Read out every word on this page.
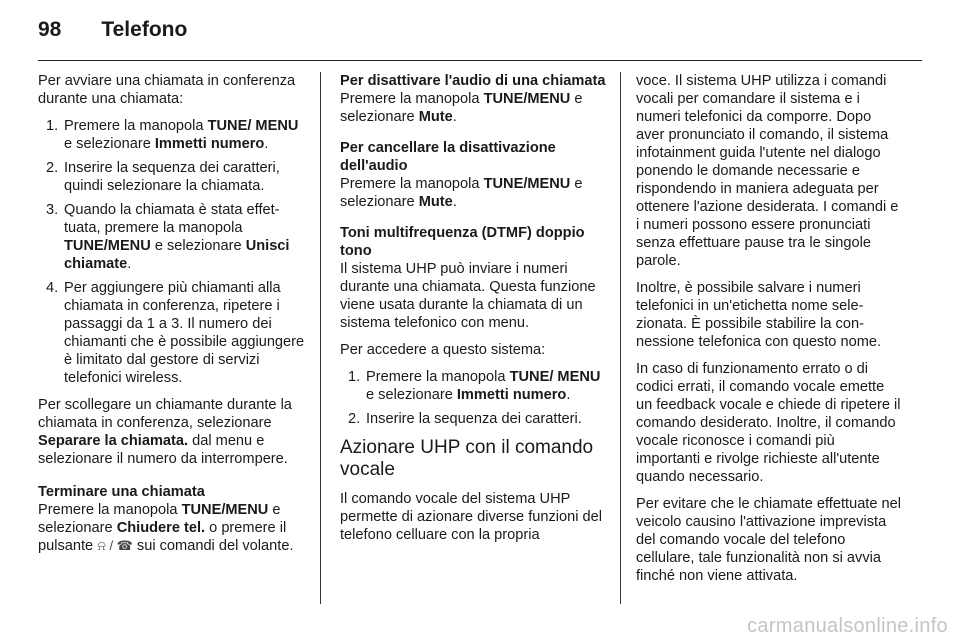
98 Telefono

Per avviare una chiamata in conferenza durante una chiamata:

1. Premere la manopola TUNE/ MENU e selezionare Immetti numero.
2. Inserire la sequenza dei caratteri, quindi selezionare la chiamata.
3. Quando la chiamata è stata effettuata, premere la manopola TUNE/MENU e selezionare Unisci chiamate.
4. Per aggiungere più chiamanti alla chiamata in conferenza, ripetere i passaggi da 1 a 3. Il numero dei chiamanti che è possibile aggiungere è limitato dal gestore di servizi telefonici wireless.

Per scollegare un chiamante durante la chiamata in conferenza, selezionare Separare la chiamata. dal menu e selezionare il numero da interrompere.

Terminare una chiamata

Premere la manopola TUNE/MENU e selezionare Chiudere tel. o premere il pulsante ⍾ / ☎ sui comandi del volante.

Per disattivare l'audio di una chiamata

Premere la manopola TUNE/MENU e selezionare Mute.

Per cancellare la disattivazione dell'audio

Premere la manopola TUNE/MENU e selezionare Mute.

Toni multifrequenza (DTMF) doppio tono

Il sistema UHP può inviare i numeri durante una chiamata. Questa funzione viene usata durante la chiamata di un sistema telefonico con menu.

Per accedere a questo sistema:

1. Premere la manopola TUNE/ MENU e selezionare Immetti numero.
2. Inserire la sequenza dei caratteri.

Azionare UHP con il comando vocale

Il comando vocale del sistema UHP permette di azionare diverse funzioni del telefono celluare con la propria

voce. Il sistema UHP utilizza i comandi vocali per comandare il sistema e i numeri telefonici da comporre. Dopo aver pronunciato il comando, il sistema infotainment guida l'utente nel dialogo ponendo le domande necessarie e rispondendo in maniera adeguata per ottenere l'azione desiderata. I comandi e i numeri possono essere pronunciati senza effettuare pause tra le singole parole.

Inoltre, è possibile salvare i numeri telefonici in un'etichetta nome selezionata. È possibile stabilire la connessione telefonica con questo nome.

In caso di funzionamento errato o di codici errati, il comando vocale emette un feedback vocale e chiede di ripetere il comando desiderato. Inoltre, il comando vocale riconosce i comandi più importanti e rivolge richieste all'utente quando necessario.

Per evitare che le chiamate effettuate nel veicolo causino l'attivazione imprevista del comando vocale del telefono cellulare, tale funzionalità non si avvia finché non viene attivata.

carmanualsonline.info
